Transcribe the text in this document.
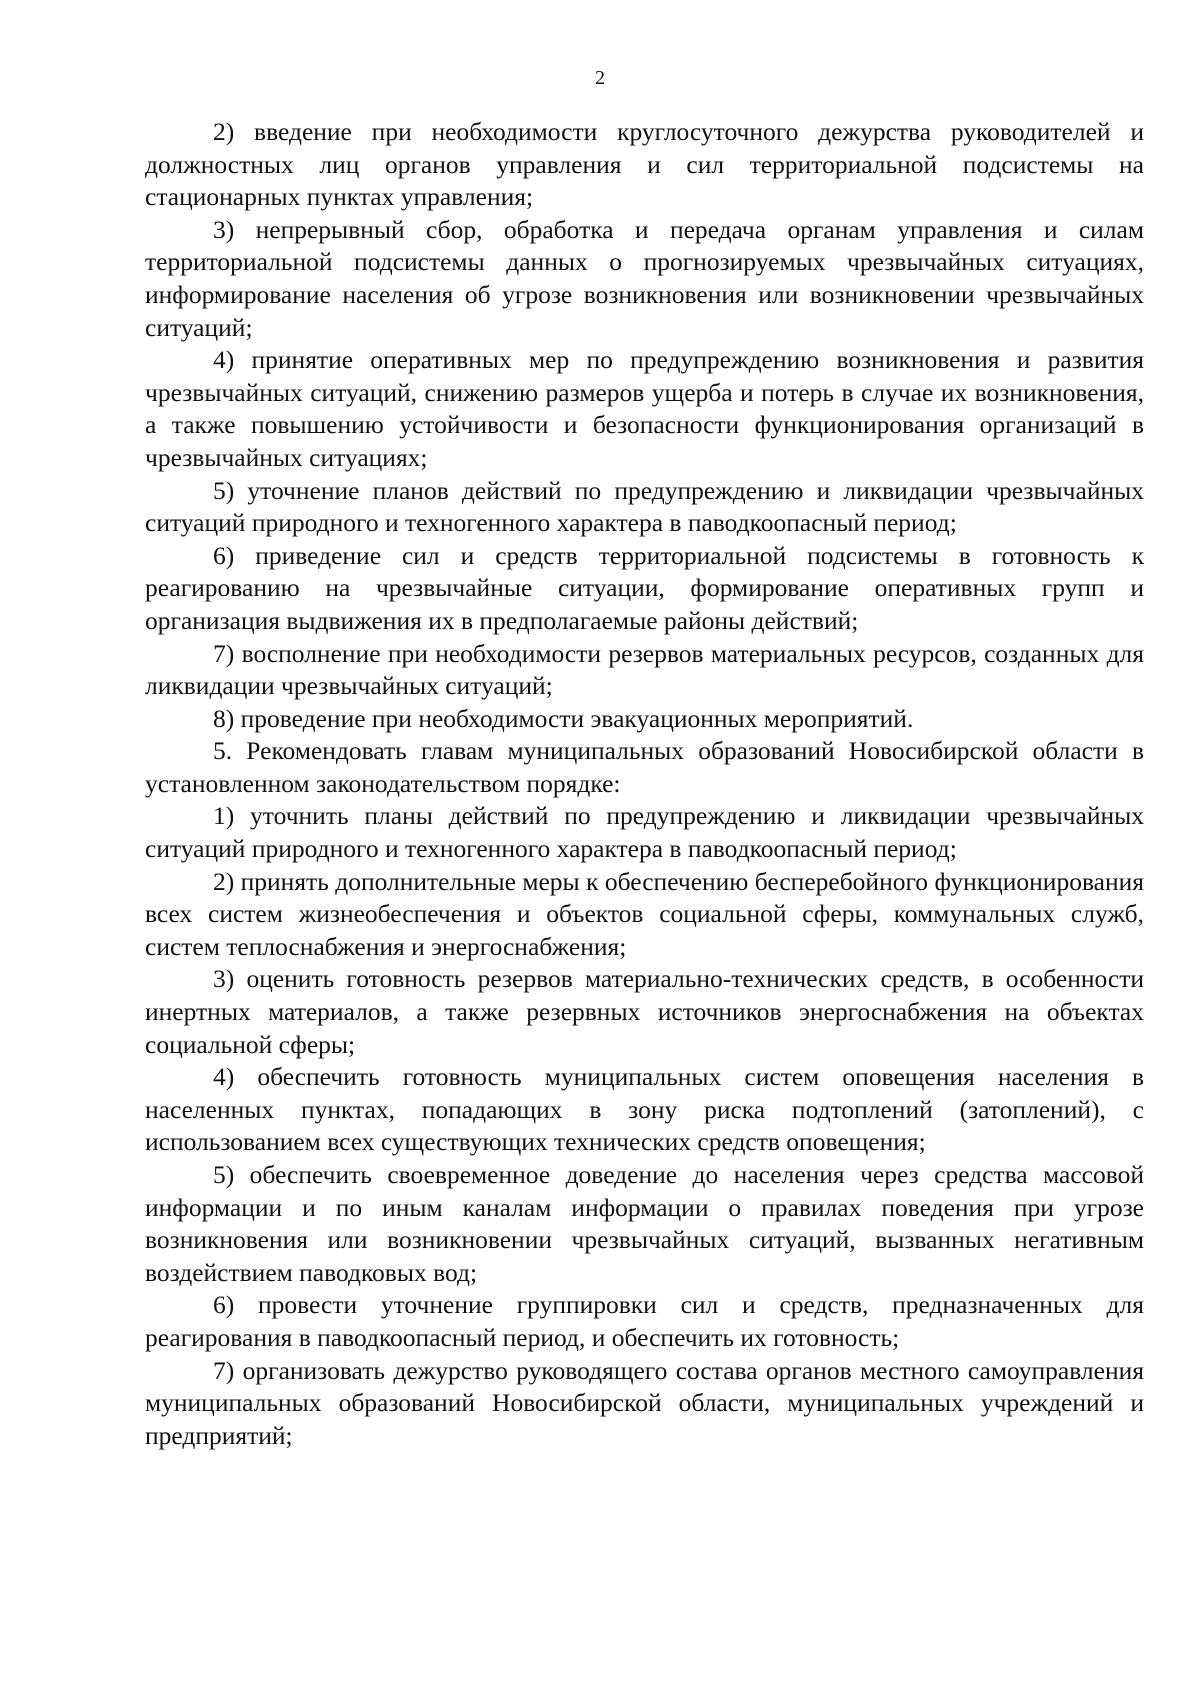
2

2) введение при необходимости круглосуточного дежурства руководителей и должностных лиц органов управления и сил территориальной подсистемы на стационарных пунктах управления;

3) непрерывный сбор, обработка и передача органам управления и силам территориальной подсистемы данных о прогнозируемых чрезвычайных ситуациях, информирование населения об угрозе возникновения или возникновении чрезвычайных ситуаций;

4) принятие оперативных мер по предупреждению возникновения и развития чрезвычайных ситуаций, снижению размеров ущерба и потерь в случае их возникновения, а также повышению устойчивости и безопасности функционирования организаций в чрезвычайных ситуациях;

5) уточнение планов действий по предупреждению и ликвидации чрезвычайных ситуаций природного и техногенного характера в паводкоопасный период;

6) приведение сил и средств территориальной подсистемы в готовность к реагированию на чрезвычайные ситуации, формирование оперативных групп и организация выдвижения их в предполагаемые районы действий;

7) восполнение при необходимости резервов материальных ресурсов, созданных для ликвидации чрезвычайных ситуаций;

8) проведение при необходимости эвакуационных мероприятий.

5. Рекомендовать главам муниципальных образований Новосибирской области в установленном законодательством порядке:

1) уточнить планы действий по предупреждению и ликвидации чрезвычайных ситуаций природного и техногенного характера в паводкоопасный период;

2) принять дополнительные меры к обеспечению бесперебойного функционирования всех систем жизнеобеспечения и объектов социальной сферы, коммунальных служб, систем теплоснабжения и энергоснабжения;

3) оценить готовность резервов материально-технических средств, в особенности инертных материалов, а также резервных источников энергоснабжения на объектах социальной сферы;

4) обеспечить готовность муниципальных систем оповещения населения в населенных пунктах, попадающих в зону риска подтоплений (затоплений), с использованием всех существующих технических средств оповещения;

5) обеспечить своевременное доведение до населения через средства массовой информации и по иным каналам информации о правилах поведения при угрозе возникновения или возникновении чрезвычайных ситуаций, вызванных негативным воздействием паводковых вод;

6) провести уточнение группировки сил и средств, предназначенных для реагирования в паводкоопасный период, и обеспечить их готовность;

7) организовать дежурство руководящего состава органов местного самоуправления муниципальных образований Новосибирской области, муниципальных учреждений и предприятий;
